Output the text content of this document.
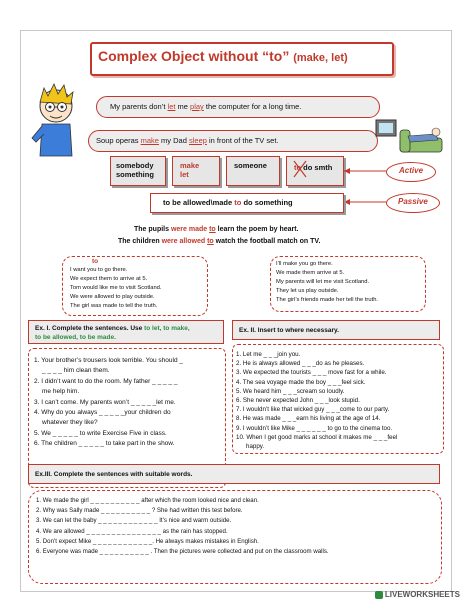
Complex Object without “to” (make, let)
My parents don’t let me play the computer for a long time.
Soup operas make my Dad sleep in front of the TV set.
somebody
something
make
let
someone	to do smth	Active
Passive
to be allowed\made to do something
The pupils were made to learn the poem by heart.
The children were allowed to watch the football match on TV.
to
I want you to go there.
We expect them to arrive at 5.
Tom would like me to visit Scotland.
We were allowed to play outside.
The girl was made to tell the truth.
I’ll make you go there.
We made them arrive at 5.
My parents will let me visit Scotland.
They let us play outside.
The girl’s friends made her tell the truth.
Ex. I. Complete the sentences. Use to let, to make,
to be allowed, to be made.
1. Your brother’s trousers look terrible. You should _
_ _ _ _ him clean them.
2. I didn’t want to do the room. My father _ _ _ _ _
me help him.
3. I can’t come. My parents won’t _ _ _ _ _let me.
4. Why do you always _ _ _ _ _your children do
whatever they like?
5. We _ _ _ _ _ to write Exercise Five in class.
6. The children _ _ _ _ _ to take part in the show.
Ex. II. Insert to where necessary.
1. Let me _ _ _join you.
2. He is always allowed _ _ _do as he pleases.
3. We expected the tourists _ _ _ move fast for a while.
4. The sea voyage made the boy _ _ _feel sick.
5. We heard him _ _ _scream so loudly.
6. She never expected John _ _ _look stupid.
7. I wouldn’t like that wicked guy _ _ _come to our party.
8. He was made _ _ _earn his living at the age of 14.
9. I wouldn’t like Mike _ _ _ _ _ _ to go to the cinema too.
10. When I get good marks at school it makes me _ _ _feel
happy.
Ex.III. Complete the sentences with suitable words.
1. We made the girl _ _ _ _ _ _ _ _ _ _ after which the room looked nice and clean.
2. Why was Sally made _ _ _ _ _ _ _ _ _ _ ? She had written this test before.
3. We can let the baby _ _ _ _ _ _ _ _ _ _ _ _ It’s nice and warm outside.
4. We are allowed _ _ _ _ _ _ _ _ _ _ _ _ _ _ _ as the rain has stopped.
5. Don’t expect Mike _ _ _ _ _ _ _ _ _ _ _ _. He always makes mistakes in English.
6. Everyone was made _ _ _ _ _ _ _ _ _ _ . Then the pictures were collected and put on the classroom walls.
LIVEWORKSHEETS
